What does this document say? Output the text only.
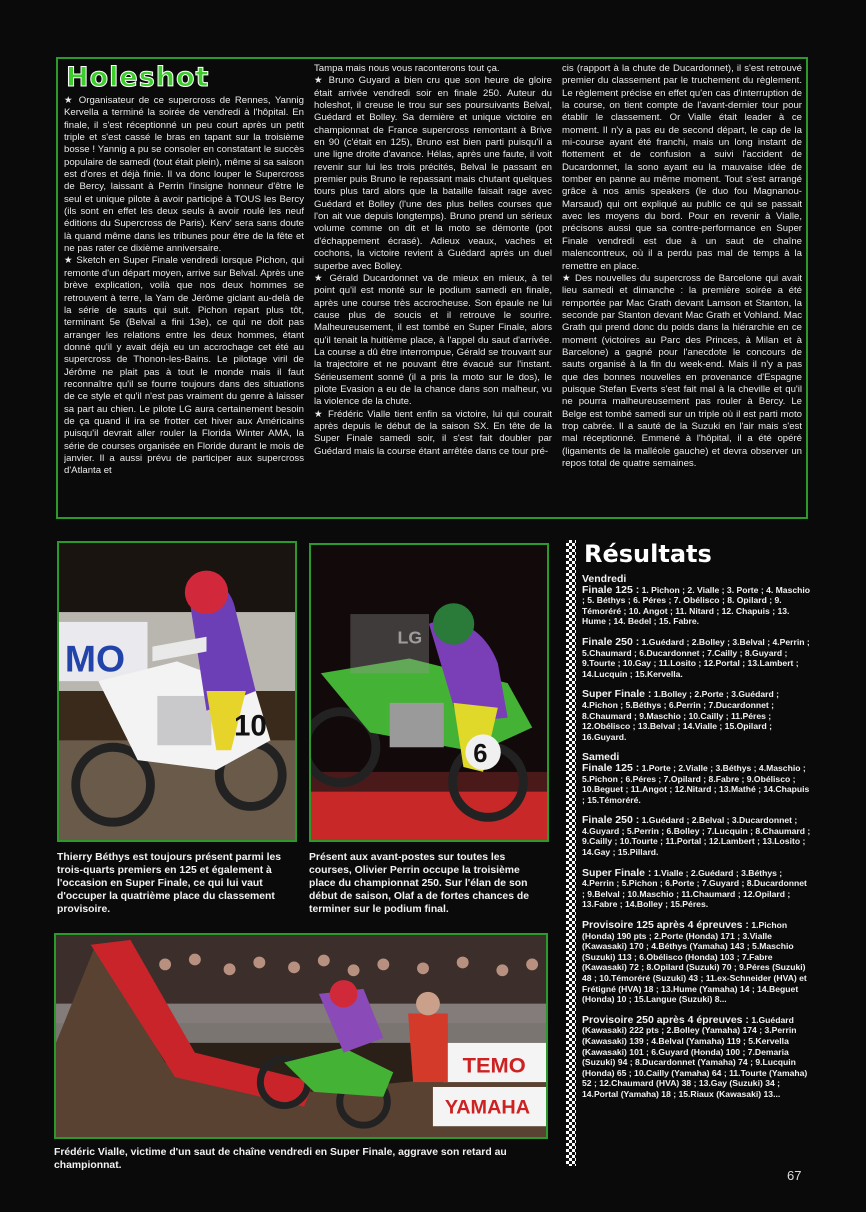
Holeshot

★ Organisateur de ce supercross de Rennes, Yannig Kervella a terminé la soirée de vendredi à l'hôpital. En finale, il s'est réceptionné un peu court après un petit triple et s'est cassé le bras en tapant sur la troisième bosse ! Yannig a pu se consoler en constatant le succès populaire de samedi (tout était plein), même si sa saison est d'ores et déjà finie. Il va donc louper le Supercross de Bercy, laissant à Perrin l'insigne honneur d'être le seul et unique pilote à avoir participé à TOUS les Bercy (ils sont en effet les deux seuls à avoir roulé les neuf éditions du Supercross de Paris). Kerv' sera sans doute là quand même dans les tribunes pour être de la fête et ne pas rater ce dixième anniversaire.

★ Sketch en Super Finale vendredi lorsque Pichon, qui remonte d'un départ moyen, arrive sur Belval. Après une brève explication, voilà que nos deux hommes se retrouvent à terre, la Yam de Jérôme giclant au-delà de la série de sauts qui suit. Pichon repart plus tôt, terminant 5e (Belval a fini 13e), ce qui ne doit pas arranger les relations entre les deux hommes, étant donné qu'il y avait déjà eu un accrochage cet été au supercross de Thonon-les-Bains. Le pilotage viril de Jérôme ne plait pas à tout le monde mais il faut reconnaître qu'il se fourre toujours dans des situations de ce style et qu'il n'est pas vraiment du genre à laisser sa part au chien. Le pilote LG aura certainement besoin de ça quand il ira se frotter cet hiver aux Américains puisqu'il devrait aller rouler la Florida Winter AMA, la série de courses organisée en Floride durant le mois de janvier. Il a aussi prévu de participer aux supercross d'Atlanta et

Tampa mais nous vous raconterons tout ça.

★ Bruno Guyard a bien cru que son heure de gloire était arrivée vendredi soir en finale 250. Auteur du holeshot, il creuse le trou sur ses poursuivants Belval, Guédard et Bolley. Sa dernière et unique victoire en championnat de France supercross remontant à Brive en 90 (c'était en 125), Bruno est bien parti puisqu'il a une ligne droite d'avance. Hélas, après une faute, il voit revenir sur lui les trois précités, Belval le passant en premier puis Bruno le repassant mais chutant quelques tours plus tard alors que la bataille faisait rage avec Guédard et Bolley (l'une des plus belles courses que l'on ait vue depuis longtemps). Bruno prend un sérieux volume comme on dit et la moto se démonte (pot d'échappement écrasé). Adieux veaux, vaches et cochons, la victoire revient à Guédard après un duel superbe avec Bolley.

★ Gérald Ducardonnet va de mieux en mieux, à tel point qu'il est monté sur le podium samedi en finale, après une course très accrocheuse. Son épaule ne lui cause plus de soucis et il retrouve le sourire. Malheureusement, il est tombé en Super Finale, alors qu'il tenait la huitième place, à l'appel du saut d'arrivée. La course a dû être interrompue, Gérald se trouvant sur la trajectoire et ne pouvant être évacué sur l'instant. Sérieusement sonné (il a pris la moto sur le dos), le pilote Evasion a eu de la chance dans son malheur, vu la violence de la chute.

★ Frédéric Vialle tient enfin sa victoire, lui qui courait après depuis le début de la saison SX. En tête de la Super Finale samedi soir, il s'est fait doubler par Guédard mais la course étant arrêtée dans ce tour pré-

cis (rapport à la chute de Ducardonnet), il s'est retrouvé premier du classement par le truchement du règlement. Le règlement précise en effet qu'en cas d'interruption de la course, on tient compte de l'avant-dernier tour pour établir le classement. Or Vialle était leader à ce moment. Il n'y a pas eu de second départ, le cap de la mi-course ayant été franchi, mais un long instant de flottement et de confusion a suivi l'accident de Ducardonnet, la sono ayant eu la mauvaise idée de tomber en panne au même moment. Tout s'est arrangé grâce à nos amis speakers (le duo fou Magnanou-Marsaud) qui ont expliqué au public ce qui se passait avec les moyens du bord. Pour en revenir à Vialle, précisons aussi que sa contre-performance en Super Finale vendredi est due à un saut de chaîne malencontreux, où il a perdu pas mal de temps à la remettre en place.

★ Des nouvelles du supercross de Barcelone qui avait lieu samedi et dimanche : la première soirée a été remportée par Mac Grath devant Lamson et Stanton, la seconde par Stanton devant Mac Grath et Vohland. Mac Grath qui prend donc du poids dans la hiérarchie en ce moment (victoires au Parc des Princes, à Milan et à Barcelone) a gagné pour l'anecdote le concours de sauts organisé à la fin du week-end. Mais il n'y a pas que des bonnes nouvelles en provenance d'Espagne puisque Stefan Everts s'est fait mal à la cheville et qu'il ne pourra malheureusement pas rouler à Bercy. Le Belge est tombé samedi sur un triple où il est parti moto trop cabrée. Il a sauté de la Suzuki en l'air mais s'est mal réceptionné. Emmené à l'hôpital, il a été opéré (ligaments de la malléole gauche) et devra observer un repos total de quatre semaines.

MO
10
6
LG
Thierry Béthys est toujours présent parmi les trois-quarts premiers en 125 et également à l'occasion en Super Finale, ce qui lui vaut d'occuper la quatrième place du classement provisoire.
Présent aux avant-postes sur toutes les courses, Olivier Perrin occupe la troisième place du championnat 250. Sur l'élan de son début de saison, Olaf a de fortes chances de terminer sur le podium final.
TEMO
YAMAHA
Frédéric Vialle, victime d'un saut de chaîne vendredi en Super Finale, aggrave son retard au championnat.
Résultats
Vendredi
Finale 125 : 1. Pichon ; 2. Vialle ; 3. Porte ; 4. Maschio ; 5. Béthys ; 6. Péres ; 7. Obélisco ; 8. Opilard ; 9. Témoréré ; 10. Angot ; 11. Nitard ; 12. Chapuis ; 13. Hume ; 14. Bedel ; 15. Fabre.
Finale 250 : 1.Guédard ; 2.Bolley ; 3.Belval ; 4.Perrin ; 5.Chaumard ; 6.Ducardonnet ; 7.Cailly ; 8.Guyard ; 9.Tourte ; 10.Gay ; 11.Losito ; 12.Portal ; 13.Lambert ; 14.Lucquin ; 15.Kervella.
Super Finale : 1.Bolley ; 2.Porte ; 3.Guédard ; 4.Pichon ; 5.Béthys ; 6.Perrin ; 7.Ducardonnet ; 8.Chaumard ; 9.Maschio ; 10.Cailly ; 11.Péres ; 12.Obélisco ; 13.Belval ; 14.Vialle ; 15.Opilard ; 16.Guyard.
Samedi
Finale 125 : 1.Porte ; 2.Vialle ; 3.Béthys ; 4.Maschio ; 5.Pichon ; 6.Péres ; 7.Opilard ; 8.Fabre ; 9.Obélisco ; 10.Beguet ; 11.Angot ; 12.Nitard ; 13.Mathé ; 14.Chapuis ; 15.Témoréré.
Finale 250 : 1.Guédard ; 2.Belval ; 3.Ducardonnet ; 4.Guyard ; 5.Perrin ; 6.Bolley ; 7.Lucquin ; 8.Chaumard ; 9.Cailly ; 10.Tourte ; 11.Portal ; 12.Lambert ; 13.Losito ; 14.Gay ; 15.Pillard.
Super Finale : 1.Vialle ; 2.Guédard ; 3.Béthys ; 4.Perrin ; 5.Pichon ; 6.Porte ; 7.Guyard ; 8.Ducardonnet ; 9.Belval ; 10.Maschio ; 11.Chaumard ; 12.Opilard ; 13.Fabre ; 14.Bolley ; 15.Péres.
Provisoire 125 après 4 épreuves : 1.Pichon (Honda) 190 pts ; 2.Porte (Honda) 171 ; 3.Vialle (Kawasaki) 170 ; 4.Béthys (Yamaha) 143 ; 5.Maschio (Suzuki) 113 ; 6.Obélisco (Honda) 103 ; 7.Fabre (Kawasaki) 72 ; 8.Opilard (Suzuki) 70 ; 9.Péres (Suzuki) 48 ; 10.Témoréré (Suzuki) 43 ; 11.ex-Schneider (HVA) et Frétigné (HVA) 18 ; 13.Hume (Yamaha) 14 ; 14.Beguet (Honda) 10 ; 15.Langue (Suzuki) 8...
Provisoire 250 après 4 épreuves : 1.Guédard (Kawasaki) 222 pts ; 2.Bolley (Yamaha) 174 ; 3.Perrin (Kawasaki) 139 ; 4.Belval (Yamaha) 119 ; 5.Kervella (Kawasaki) 101 ; 6.Guyard (Honda) 100 ; 7.Demaria (Suzuki) 94 ; 8.Ducardonnet (Yamaha) 74 ; 9.Lucquin (Honda) 65 ; 10.Cailly (Yamaha) 64 ; 11.Tourte (Yamaha) 52 ; 12.Chaumard (HVA) 38 ; 13.Gay (Suzuki) 34 ; 14.Portal (Yamaha) 18 ; 15.Riaux (Kawasaki) 13...
67
